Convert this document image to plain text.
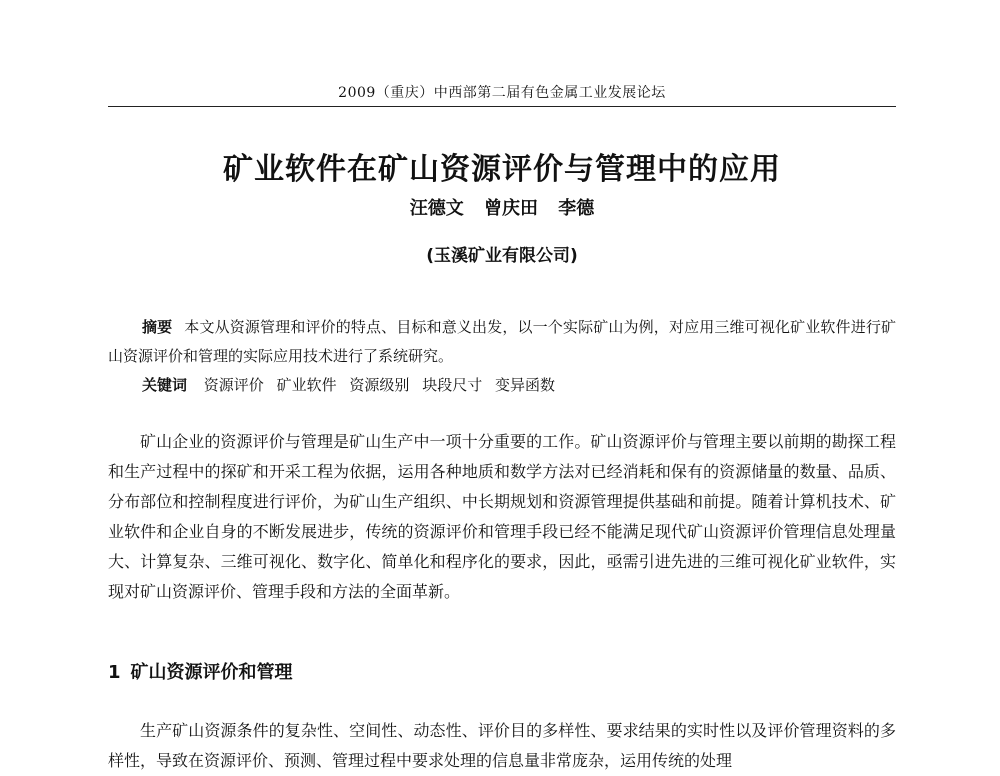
2009（重庆）中西部第二届有色金属工业发展论坛
矿业软件在矿山资源评价与管理中的应用
汪德文 曾庆田 李德
(玉溪矿业有限公司)

摘要 本文从资源管理和评价的特点、目标和意义出发，以一个实际矿山为例，对应用三维可视化矿业软件进行矿山资源评价和管理的实际应用技术进行了系统研究。

关键词 资源评价 矿业软件 资源级别 块段尺寸 变异函数

矿山企业的资源评价与管理是矿山生产中一项十分重要的工作。矿山资源评价与管理主要以前期的勘探工程和生产过程中的探矿和开采工程为依据，运用各种地质和数学方法对已经消耗和保有的资源储量的数量、品质、分布部位和控制程度进行评价，为矿山生产组织、中长期规划和资源管理提供基础和前提。随着计算机技术、矿业软件和企业自身的不断发展进步，传统的资源评价和管理手段已经不能满足现代矿山资源评价管理信息处理量大、计算复杂、三维可视化、数字化、简单化和程序化的要求，因此，亟需引进先进的三维可视化矿业软件，实现对矿山资源评价、管理手段和方法的全面革新。

1 矿山资源评价和管理

生产矿山资源条件的复杂性、空间性、动态性、评价目的多样性、要求结果的实时性以及评价管理资料的多样性，导致在资源评价、预测、管理过程中要求处理的信息量非常庞杂，运用传统的处理
